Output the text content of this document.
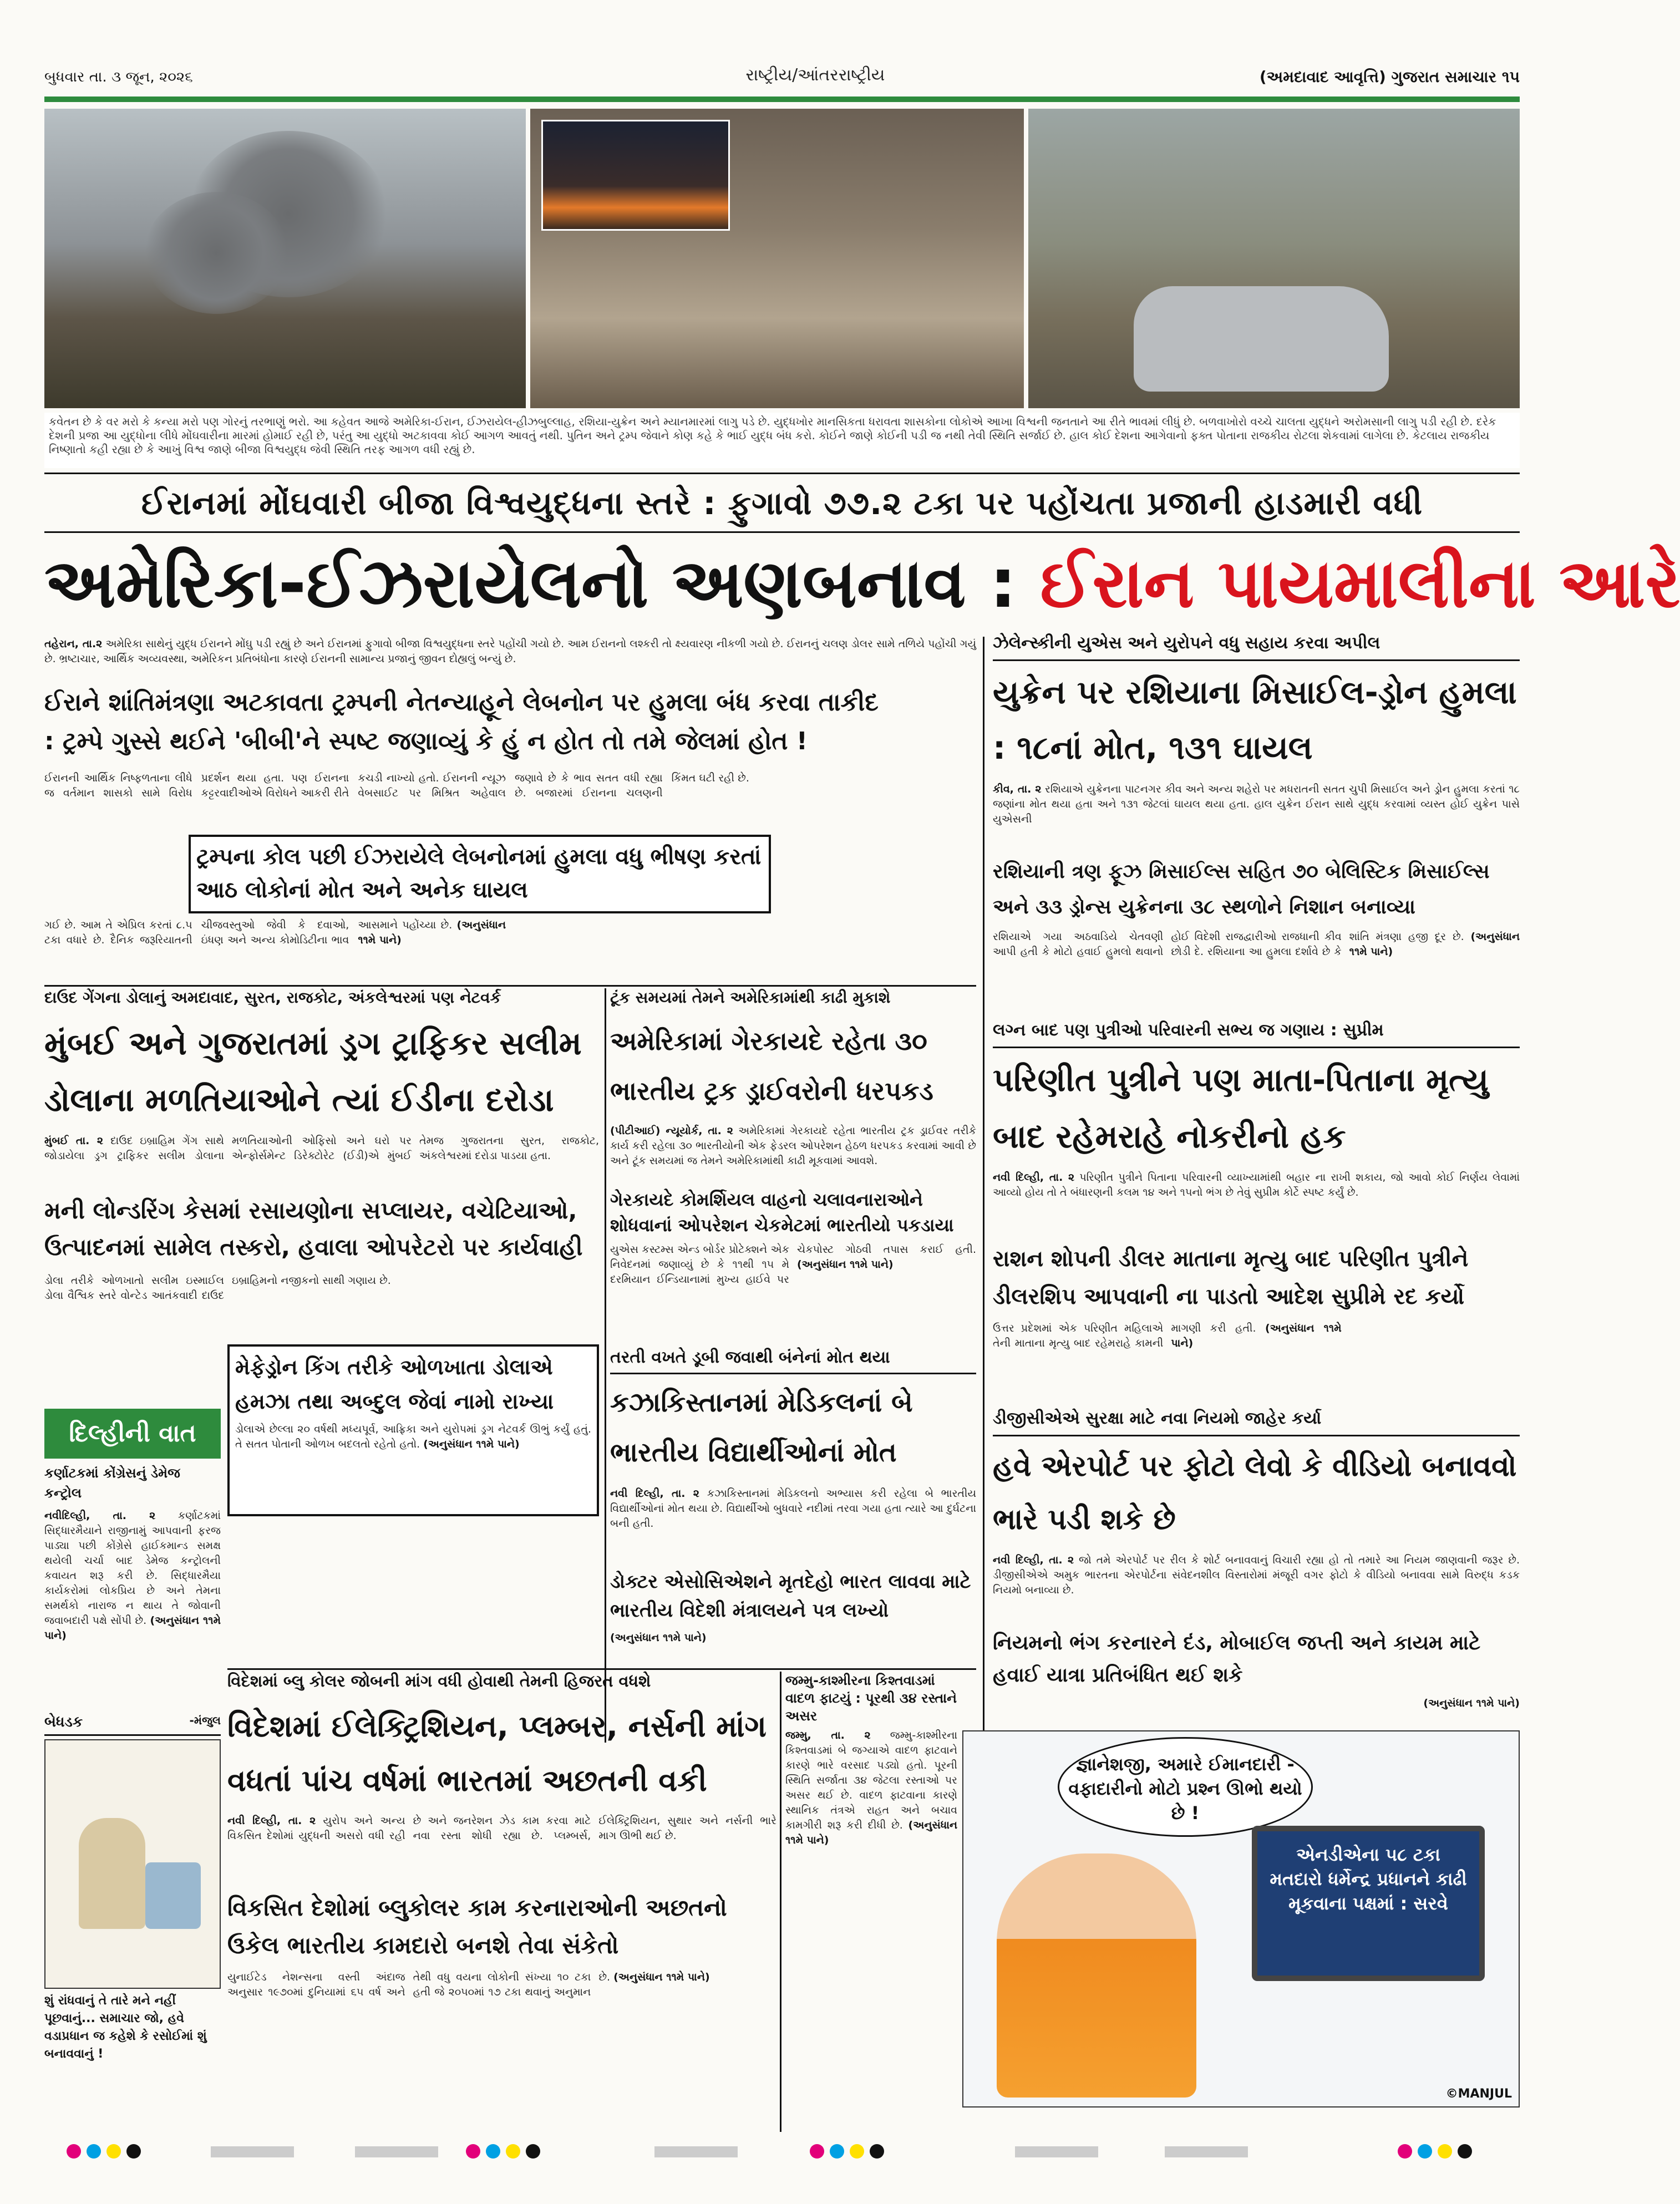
બુધવાર તા. ૩ જૂન, ૨૦૨૬	રાષ્ટ્રીય/આંતરરાષ્ટ્રીય	(અમદાવાદ આવૃત્તિ) ગુજરાત સમાચાર ૧૫
કવેતન છે કે વર મરો કે કન્યા મરો પણ ગોરનું તરભાણું ભરો. આ કહેવત આજે અમેરિકા-ઈરાન, ઈઝરાયેલ-હીઝબુલ્લાહ, રશિયા-યુક્રેન અને મ્યાનમારમાં લાગુ પડે છે. યુદ્ધખોર માનસિકતા ધરાવતા શાસકોના લોકોએ આખા વિશ્વની જનતાને આ રીતે ભાવમાં લીધું છે. બળવાખોરો વચ્ચે ચાલતા યુદ્ધને અરોમસાની લાગુ પડી રહી છે. દરેક દેશની પ્રજા આ યુદ્ધોના લીધે મોંઘવારીના મારમાં હોમાઈ રહી છે, પરંતુ આ યુદ્ધો અટકાવવા કોઈ આગળ આવતું નથી. પુતિન અને ટ્રમ્પ જેવાને કોણ કહે કે ભાઈ યુદ્ધ બંધ કરો. કોઈને જાણે કોઈની પડી જ નથી તેવી સ્થિતિ સર્જાઈ છે. હાલ કોઈ દેશના આગેવાનો ફક્ત પોતાના રાજકીય રોટલા શેકવામાં લાગેલા છે. કેટલાય રાજકીય નિષ્ણાતો કહી રહ્યા છે કે આખું વિશ્વ જાણે બીજા વિશ્વયુદ્ધ જેવી સ્થિતિ તરફ આગળ વધી રહ્યું છે.
ઈરાનમાં મોંઘવારી બીજા વિશ્વયુદ્ધના સ્તરે : ફુગાવો ૭૭.૨ ટકા પર પહોંચતા પ્રજાની હાડમારી વધી
અમેરિકા-ઈઝરાયેલનો અણબનાવ : ઈરાન પાયમાલીના આરે
તહેરાન, તા.૨ અમેરિકા સાથેનું યુદ્ધ ઈરાનને મોંઘુ પડી રહ્યું છે અને ઈરાનમાં ફુગાવો બીજા વિશ્વયુદ્ધના સ્તરે પહોંચી ગયો છે. આમ ઈરાનનો લશ્કરી તો ક્ષ્યવારણ નીકળી ગયો છે. ઈરાનનું ચલણ ડોલર સામે તળિયે પહોંચી ગયું છે. ભ્રષ્ટાચાર, આર્થિક અવ્યવસ્થા, અમેરિકન પ્રતિબંધોના કારણે ઈરાનની સામાન્ય પ્રજાનું જીવન દોહ્યલું બન્યું છે.
ઈરાને શાંતિમંત્રણા અટકાવતા ટ્રમ્પની નેતન્યાહૂને લેબનોન પર હુમલા બંધ કરવા તાકીદ
: ટ્રમ્પે ગુસ્સે થઈને 'બીબી'ને સ્પષ્ટ જણાવ્યું કે હું ન હોત તો તમે જેલમાં હોત !
ઈરાનની આર્થિક નિષ્ફળતાના લીધે જ વર્તમાન શાસકો સામે વિરોધ પ્રદર્શન થયા હતા. પણ ઈરાનના કટ્ટરવાદીઓએ વિરોધને આકરી રીતે કચડી નાખ્યો હતો. ઈરાનની ન્યૂઝ વેબસાઈટ પર મિશ્રિત અહેવાલ જણાવે છે કે ભાવ સતત વધી રહ્યા છે. બજારમાં ઈરાનના ચલણની કિંમત ઘટી રહી છે.
ટ્રમ્પના કોલ પછી ઈઝરાયેલે લેબનોનમાં હુમલા વધુ ભીષણ કરતાં આઠ લોકોનાં મોત અને અનેક ઘાયલ
ગઈ છે. આમ તે એપ્રિલ કરતાં ૮.૫ ટકા વધારે છે. દૈનિક જરૂરિયાતની ચીજવસ્તુઓ જેવી કે દવાઓ, ઇંધણ અને અન્ય કોમોડિટીના ભાવ આસમાને પહોંચ્યા છે. (અનુસંધાન ૧૧મે પાને)
ઝેલેન્સ્કીની યુએસ અને યુરોપને વધુ સહાય કરવા અપીલ
યુક્રેન પર રશિયાના મિસાઈલ-ડ્રોન હુમલા : ૧૮નાં મોત, ૧૩૧ ઘાયલ
કીવ, તા. ૨ રશિયાએ યુક્રેનના પાટનગર કીવ અને અન્ય શહેરો પર મધરાતની સતત ચુપી મિસાઈલ અને ડ્રોન હુમલા કરતાં ૧૮ જણાંના મોત થયા હતા અને ૧૩૧ જેટલાં ઘાયલ થયા હતા. હાલ યુક્રેન ઈરાન સાથે યુદ્ધ કરવામાં વ્યસ્ત હોઈ યુક્રેન પાસે યુએસની
રશિયાની ત્રણ ફૂઝ મિસાઈલ્સ સહિત ૭૦ બેલિસ્ટિક મિસાઈલ્સ અને ૩૩ ડ્રોન્સ યુક્રેનના ૩૮ સ્થળોને નિશાન બનાવ્યા
રશિયાએ ગયા અઠવાડિયે ચેતવણી આપી હતી કે મોટો હવાઈ હુમલો થવાનો હોઈ વિદેશી રાજદ્વારીઓ રાજધાની કીવ છોડી દે. રશિયાના આ હુમલા દર્શાવે છે કે શાંતિ મંત્રણા હજી દૂર છે. (અનુસંધાન ૧૧મે પાને)
દાઉદ ગેંગના ડોલાનું અમદાવાદ, સુરત, રાજકોટ, અંકલેશ્વરમાં પણ નેટવર્ક
મુંબઈ અને ગુજરાતમાં ડ્રગ ટ્રાફિકર સલીમ ડોલાના મળતિયાઓને ત્યાં ઈડીના દરોડા
મુંબઈ તા. ૨ દાઉદ ઇબ્રાહિમ ગેંગ સાથે જોડાયેલા ડ્રગ ટ્રાફિકર સલીમ ડોલાના મળતિયાઓની ઓફિસો અને ઘરો પર એન્ફોર્સમેન્ટ ડિરેક્ટોરેટ (ઈડી)એ મુંબઈ તેમજ ગુજરાતના સુરત, રાજકોટ, અંકલેશ્વરમાં દરોડા પાડયા હતા.
મની લોન્ડરિંગ કેસમાં રસાયણોના સપ્લાયર, વચેટિયાઓ, ઉત્પાદનમાં સામેલ તસ્કરો, હવાલા ઓપરેટરો પર કાર્યવાહી
ડોલા તરીકે ઓળખાતો સલીમ ઇસ્માઈલ ડોલા વૈશ્વિક સ્તરે વોન્ટેડ આતંકવાદી દાઉદ ઇબ્રાહિમનો નજીકનો સાથી ગણાય છે.
મેફેડ્રોન કિંગ તરીકે ઓળખાતા ડોલાએ હમઝા તથા અબ્દુલ જેવાં નામો રાખ્યા
ડોલાએ છેલ્લા ૨૦ વર્ષથી મધ્યપૂર્વ, આફ્રિકા અને યુરોપમાં ડ્રગ નેટવર્ક ઊભું કર્યું હતું. તે સતત પોતાની ઓળખ બદલતો રહેતો હતો. (અનુસંધાન ૧૧મે પાને)
દિલ્હીની વાત
કર્ણાટકમાં કોંગ્રેસનું ડેમેજ કન્ટ્રોલ
નવીદિલ્હી, તા. ૨ કર્ણાટકમાં સિદ્ધારમૈયાને રાજીનામું આપવાની ફરજ પાડ્યા પછી કોંગ્રેસે હાઈકમાન્ડ સમક્ષ થયેલી ચર્ચા બાદ ડેમેજ કન્ટ્રોલની કવાયત શરૂ કરી છે. સિદ્ધારમૈયા કાર્યકરોમાં લોકપ્રિય છે અને તેમના સમર્થકો નારાજ ન થાય તે જોવાની જવાબદારી પક્ષે સોંપી છે. (અનુસંધાન ૧૧મે પાને)
ટૂંક સમયમાં તેમને અમેરિકામાંથી કાઢી મુકાશે
અમેરિકામાં ગેરકાયદે રહેતા ૩૦ ભારતીય ટ્રક ડ્રાઈવરોની ધરપકડ
(પીટીઆઈ) ન્યૂયોર્ક, તા. ૨ અમેરિકામાં ગેરકાયદે રહેતા ભારતીય ટ્રક ડ્રાઈવર તરીકે કાર્ય કરી રહેલા ૩૦ ભારતીયોની એક ફેડરલ ઓપરેશન હેઠળ ધરપકડ કરવામાં આવી છે અને ટૂંક સમયમાં જ તેમને અમેરિકામાંથી કાઢી મૂકવામાં આવશે.
ગેરકાયદે કોમર્શિયલ વાહનો ચલાવનારાઓને શોધવાનાં ઓપરેશન ચેકમેટમાં ભારતીયો પકડાયા
યુએસ કસ્ટમ્સ એન્ડ બોર્ડર પ્રોટેક્શને એક નિવેદનમાં જણાવ્યું છે કે ૧૧થી ૧૫ મે દરમિયાન ઈન્ડિયાનામાં મુખ્ય હાઈવે પર ચેકપોસ્ટ ગોઠવી તપાસ કરાઈ હતી. (અનુસંધાન ૧૧મે પાને)
લગ્ન બાદ પણ પુત્રીઓ પરિવારની સભ્ય જ ગણાય : સુપ્રીમ
પરિણીત પુત્રીને પણ માતા-પિતાના મૃત્યુ બાદ રહેમરાહે નોકરીનો હક
નવી દિલ્હી, તા. ૨ પરિણીત પુત્રીને પિતાના પરિવારની વ્યાખ્યામાંથી બહાર ના રાખી શકાય, જો આવો કોઈ નિર્ણય લેવામાં આવ્યો હોય તો તે બંધારણની કલમ ૧૪ અને ૧૫નો ભંગ છે તેવું સુપ્રીમ કોર્ટે સ્પષ્ટ કર્યું છે.
રાશન શોપની ડીલર માતાના મૃત્યુ બાદ પરિણીત પુત્રીને ડીલરશિપ આપવાની ના પાડતો આદેશ સુપ્રીમે રદ કર્યો
ઉત્તર પ્રદેશમાં એક પરિણીત મહિલાએ તેની માતાના મૃત્યુ બાદ રહેમરાહે કામની માગણી કરી હતી. (અનુસંધાન ૧૧મે પાને)
તરતી વખતે ડૂબી જવાથી બંનેનાં મોત થયા
કઝાકિસ્તાનમાં મેડિકલનાં બે ભારતીય વિદ્યાર્થીઓનાં મોત
નવી દિલ્હી, તા. ૨ કઝાકિસ્તાનમાં મેડિકલનો અભ્યાસ કરી રહેલા બે ભારતીય વિદ્યાર્થીઓનાં મોત થયા છે. વિદ્યાર્થીઓ બુધવારે નદીમાં તરવા ગયા હતા ત્યારે આ દુર્ઘટના બની હતી.
ડોક્ટર એસોસિએશને મૃતદેહો ભારત લાવવા માટે ભારતીય વિદેશી મંત્રાલયને પત્ર લખ્યો
(અનુસંધાન ૧૧મે પાને)
ડીજીસીએએ સુરક્ષા માટે નવા નિયમો જાહેર કર્યા
હવે એરપોર્ટ પર ફોટો લેવો કે વીડિયો બનાવવો ભારે પડી શકે છે
નવી દિલ્હી, તા. ૨ જો તમે એરપોર્ટ પર રીલ કે શોર્ટ બનાવવાનું વિચારી રહ્યા હો તો તમારે આ નિયમ જાણવાની જરૂર છે. ડીજીસીએએ અમુક ભારતના એરપોર્ટના સંવેદનશીલ વિસ્તારોમાં મંજૂરી વગર ફોટો કે વીડિયો બનાવવા સામે વિરુદ્ધ કડક નિયમો બનાવ્યા છે.
નિયમનો ભંગ કરનારને દંડ, મોબાઈલ જપ્તી અને કાયમ માટે હવાઈ યાત્રા પ્રતિબંધિત થઈ શકે
(અનુસંધાન ૧૧મે પાને)
વિદેશમાં બ્લુ કોલર જોબની માંગ વધી હોવાથી તેમની હિજરત વધશે
વિદેશમાં ઈલેક્ટ્રિશિયન, પ્લમ્બર, નર્સની માંગ વધતાં પાંચ વર્ષમાં ભારતમાં અછતની વકી
નવી દિલ્હી, તા. ૨ યુરોપ અને અન્ય વિકસિત દેશોમાં યુદ્ધની અસરો વધી રહી છે અને જનરેશન ઝેડ કામ કરવા માટે નવા રસ્તા શોધી રહ્યા છે. પ્લમ્બર્સ, ઈલેક્ટ્રિશિયન, સુથાર અને નર્સની ભારે માગ ઊભી થઈ છે.
વિકસિત દેશોમાં બ્લુકોલર કામ કરનારાઓની અછતનો ઉકેલ ભારતીય કામદારો બનશે તેવા સંકેતો
યુનાઈટેડ નેશન્સના વસ્તી અંદાજ અનુસાર ૧૯૭૦માં દુનિયામાં ૬૫ વર્ષ અને તેથી વધુ વયના લોકોની સંખ્યા ૧૦ ટકા હતી જે ૨૦૫૦માં ૧૭ ટકા થવાનું અનુમાન છે. (અનુસંધાન ૧૧મે પાને)
જમ્મુ-કાશ્મીરના કિશ્તવાડમાં વાદળ ફાટયું : પૂરથી ૩૪ રસ્તાને અસર
જમ્મુ, તા. ૨ જમ્મુ-કાશ્મીરના કિશ્તવાડમાં બે જગ્યાએ વાદળ ફાટવાને કારણે ભારે વરસાદ પડ્યો હતો. પૂરની સ્થિતિ સર્જાતા ૩૪ જેટલા રસ્તાઓ પર અસર થઈ છે. વાદળ ફાટવાના કારણે સ્થાનિક તંત્રએ રાહત અને બચાવ કામગીરી શરૂ કરી દીધી છે. (અનુસંધાન ૧૧મે પાને)
બેધડક	-મંજુલ
શું રાંધવાનું તે તારે મને નહીં પૂછવાનું... સમાચાર જો, હવે વડાપ્રધાન જ કહેશે કે રસોઈમાં શું બનાવવાનું !
જ્ઞાનેશજી, અમારે ઈમાનદારી - વફાદારીનો મોટો પ્રશ્ન ઊભો થયો છે !
એનડીએના ૫૮ ટકા મતદારો ધર્મેન્દ્ર પ્રધાનને કાઢી મૂકવાના પક્ષમાં : સરવે
©MANJUL
